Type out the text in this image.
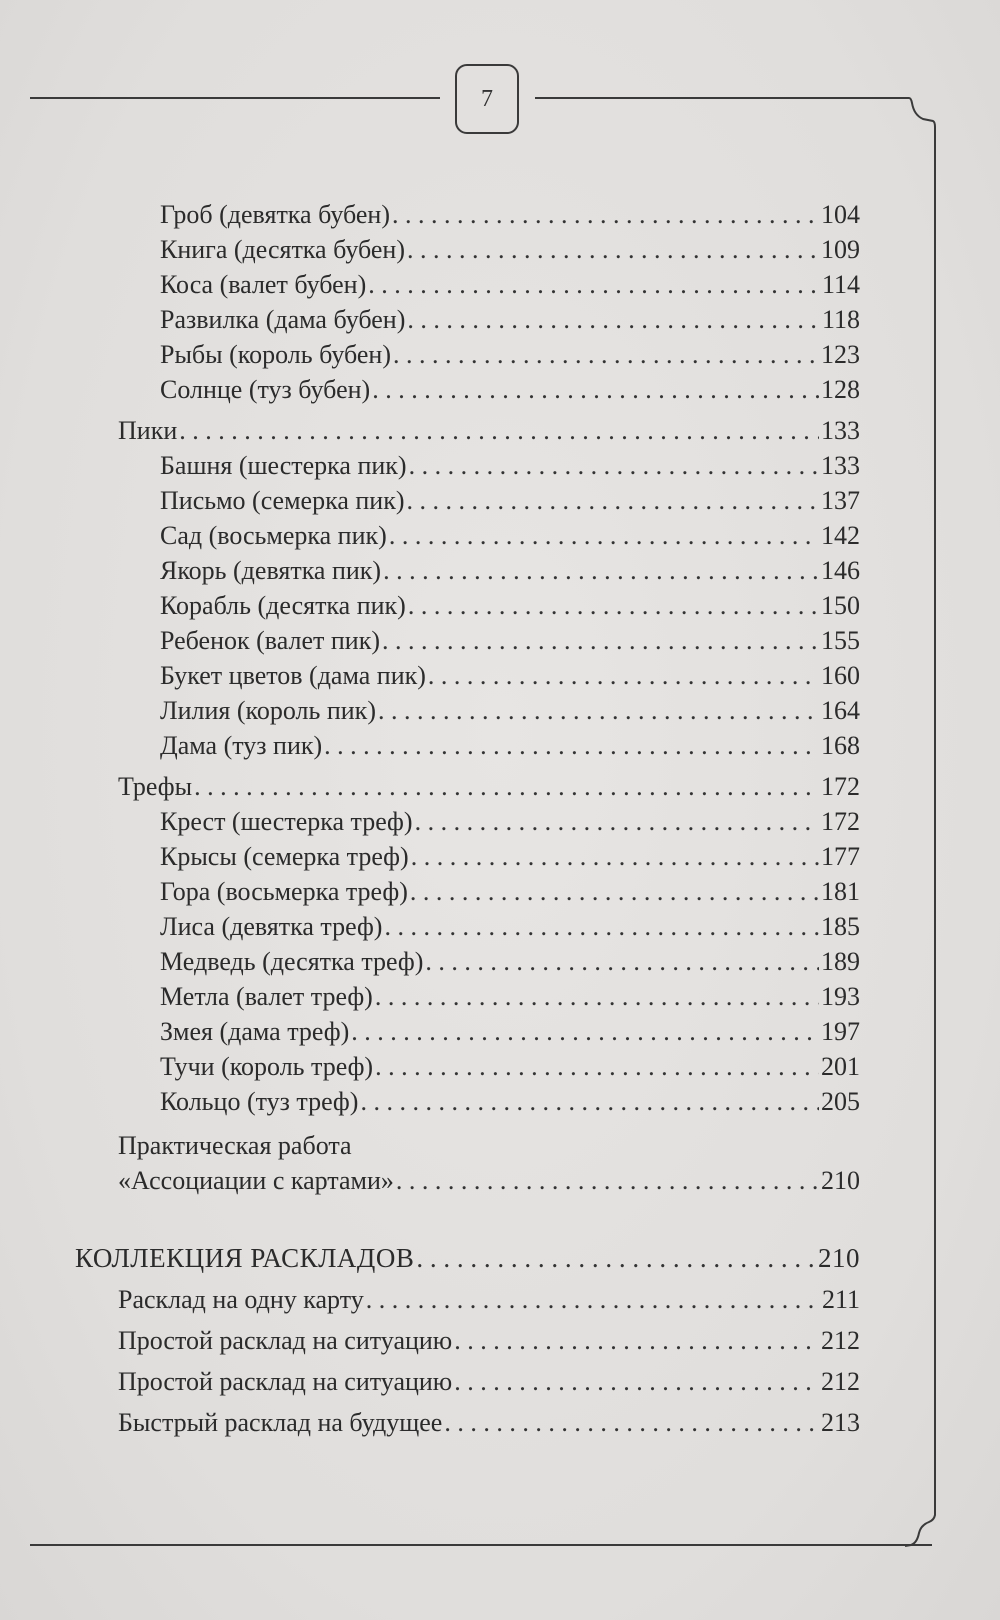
7
Гроб (девятка бубен) . . .	104
Книга (десятка бубен) . . .	109
Коса (валет бубен) . . .	114
Развилка (дама бубен) . . .	118
Рыбы (король бубен) . . .	123
Солнце (туз бубен) . . .	128
Пики . . .	133
Башня (шестерка пик) . . .	133
Письмо (семерка пик) . . .	137
Сад (восьмерка пик) . . .	142
Якорь (девятка пик) . . .	146
Корабль (десятка пик) . . .	150
Ребенок (валет пик) . . .	155
Букет цветов (дама пик) . . .	160
Лилия (король пик) . . .	164
Дама (туз пик) . . .	168
Трефы . . .	172
Крест (шестерка треф) . . .	172
Крысы (семерка треф) . . .	177
Гора (восьмерка треф) . . .	181
Лиса (девятка треф) . . .	185
Медведь (десятка треф) . . .	189
Метла (валет треф) . . .	193
Змея (дама треф) . . .	197
Тучи (король треф) . . .	201
Кольцо (туз треф) . . .	205
Практическая работа
«Ассоциации с картами» . . .	210
КОЛЛЕКЦИЯ РАСКЛАДОВ . . .	210
Расклад на одну карту . . .	211
Простой расклад на ситуацию . . .	212
Простой расклад на ситуацию . . .	212
Быстрый расклад на будущее . . .	213
